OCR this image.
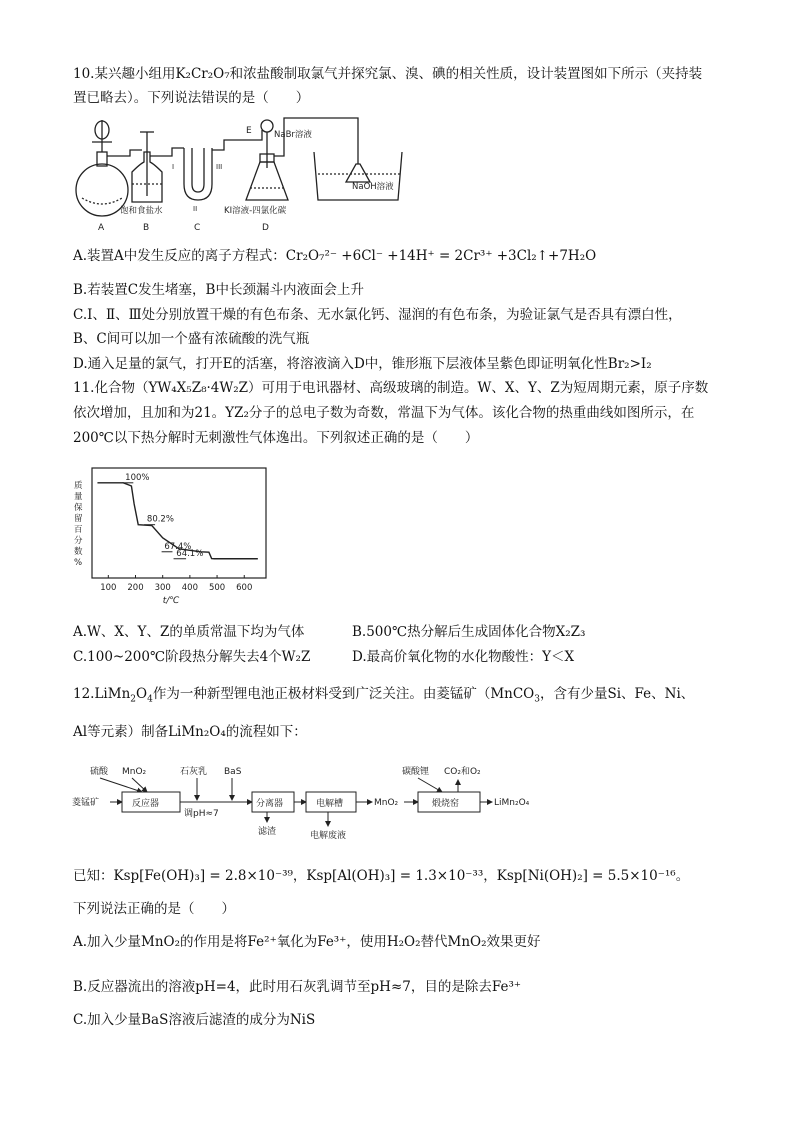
10.某兴趣小组用K₂Cr₂O₇和浓盐酸制取氯气并探究氯、溴、碘的相关性质，设计装置图如下所示（夹持装
置已略去）。下列说法错误的是（　　）
A
饱和食盐水
B
I
II
III
C
E	NaBr溶液
KI溶液-四氯化碳
D
NaOH溶液
A.装置A中发生反应的离子方程式：Cr₂O₇²⁻ +6Cl⁻ +14H⁺ = 2Cr³⁺ +3Cl₂↑+7H₂O
B.若装置C发生堵塞，B中长颈漏斗内液面会上升
C.Ⅰ、Ⅱ、Ⅲ处分别放置干燥的有色布条、无水氯化钙、湿润的有色布条，为验证氯气是否具有漂白性，
B、C间可以加一个盛有浓硫酸的洗气瓶
D.通入足量的氯气，打开E的活塞，将溶液滴入D中，锥形瓶下层液体呈紫色即证明氧化性Br₂>I₂
11.化合物（YW₄X₅Z₈·4W₂Z）可用于电讯器材、高级玻璃的制造。W、X、Y、Z为短周期元素，原子序数
依次增加，且加和为21。YZ₂分子的总电子数为奇数，常温下为气体。该化合物的热重曲线如图所示，在
200℃以下热分解时无刺激性气体逸出。下列叙述正确的是（　　）
质量保留百分数%
100 200 300 400 500 600
100%
80.2%
67.4%
64.1%
t/℃
A.W、X、Y、Z的单质常温下均为气体	B.500℃热分解后生成固体化合物X₂Z₃
C.100~200℃阶段热分解失去4个W₂Z	D.最高价氧化物的水化物酸性：Y＜X
$12.LiMn_2O_4$作为一种新型锂电池正极材料受到广泛关注。由菱锰矿（MnCO$_3$，含有少量Si、Fe、Ni、
Al等元素）制备LiMn₂O₄的流程如下：
菱锰矿
硫酸 MnO₂	石灰乳 BaS
反应器
调pH≈7
分离器
滤渣
电解槽
电解废液
MnO₂
碳酸锂 CO₂和O₂
煅烧窑	LiMn₂O₄
已知：Ksp[Fe(OH)₃] = 2.8×10⁻³⁹，Ksp[Al(OH)₃] = 1.3×10⁻³³，Ksp[Ni(OH)₂] = 5.5×10⁻¹⁶。
下列说法正确的是（　　）
A.加入少量MnO₂的作用是将Fe²⁺氧化为Fe³⁺，使用H₂O₂替代MnO₂效果更好
B.反应器流出的溶液pH=4，此时用石灰乳调节至pH≈7，目的是除去Fe³⁺
C.加入少量BaS溶液后滤渣的成分为NiS
